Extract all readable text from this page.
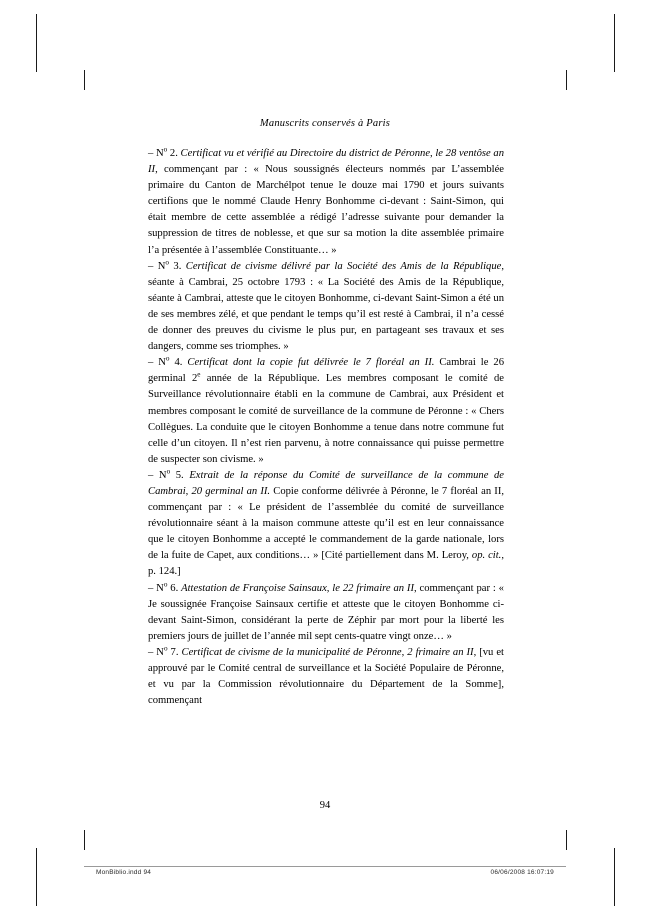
Manuscrits conservés à Paris

– $N^o$ 2. Certificat vu et vérifié au Directoire du district de Péronne, le 28 ventôse an II, commençant par : « Nous soussignés électeurs nommés par L’assemblée primaire du Canton de Marchélpot tenue le douze mai 1790 et jours suivants certifions que le nommé Claude Henry Bonhomme ci-devant : Saint-Simon, qui était membre de cette assemblée a rédigé l’adresse suivante pour demander la suppression de titres de noblesse, et que sur sa motion la dite assemblée primaire l’a présentée à l’assemblée Constituante… »

– $N^o$ 3. Certificat de civisme délivré par la Société des Amis de la République, séante à Cambrai, 25 octobre 1793 : « La Société des Amis de la République, séante à Cambrai, atteste que le citoyen Bonhomme, ci-devant Saint-Simon a été un de ses membres zélé, et que pendant le temps qu’il est resté à Cambrai, il n’a cessé de donner des preuves du civisme le plus pur, en partageant ses travaux et ses dangers, comme ses triomphes. »

– $N^o$ 4. Certificat dont la copie fut délivrée le 7 floréal an II. Cambrai le 26 germinal 2e année de la République. Les membres composant le comité de Surveillance révolutionnaire établi en la commune de Cambrai, aux Président et membres composant le comité de surveillance de la commune de Péronne : « Chers Collègues. La conduite que le citoyen Bonhomme a tenue dans notre commune fut celle d’un citoyen. Il n’est rien parvenu, à notre connaissance qui puisse permettre de suspecter son civisme. »

– $N^o$ 5. Extrait de la réponse du Comité de surveillance de la commune de Cambrai, 20 germinal an II. Copie conforme délivrée à Péronne, le 7 floréal an II, commençant par : « Le président de l’assemblée du comité de surveillance révolutionnaire séant à la maison commune atteste qu’il est en leur connaissance que le citoyen Bonhomme a accepté le commandement de la garde nationale, lors de la fuite de Capet, aux conditions… » [Cité partiellement dans M. Leroy, op. cit., p. 124.]

– $N^o$ 6. Attestation de Françoise Sainsaux, le 22 frimaire an II, commençant par : « Je soussignée Françoise Sainsaux certifie et atteste que le citoyen Bonhomme ci-devant Saint-Simon, considérant la perte de Zéphir par mort pour la liberté les premiers jours de juillet de l’année mil sept cents-quatre vingt onze… »

– $N^o$ 7. Certificat de civisme de la municipalité de Péronne, 2 frimaire an II, [vu et approuvé par le Comité central de surveillance et la Société Populaire de Péronne, et vu par la Commission révolutionnaire du Département de la Somme], commençant

94
MonBiblio.indd 94	06/06/2008 16:07:19
